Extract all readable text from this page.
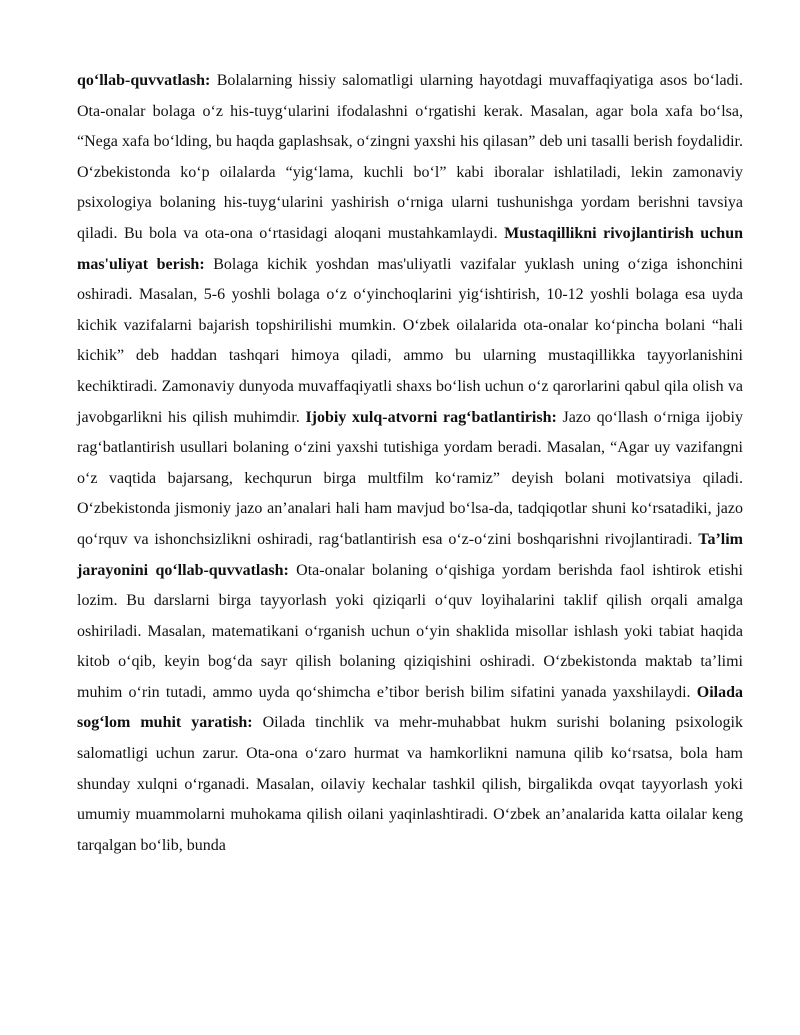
qo‘llab-quvvatlash: Bolalarning hissiy salomatligi ularning hayotdagi muvaffaqiyatiga asos bo‘ladi. Ota-onalar bolaga o‘z his-tuyg‘ularini ifodalashni o‘rgatishi kerak. Masalan, agar bola xafa bo‘lsa, “Nega xafa bo‘lding, bu haqda gaplashsak, o‘zingni yaxshi his qilasan” deb uni tasalli berish foydalidir. O‘zbekistonda ko‘p oilalarda “yig‘lama, kuchli bo‘l” kabi iboralar ishlatiladi, lekin zamonaviy psixologiya bolaning his-tuyg‘ularini yashirish o‘rniga ularni tushunishga yordam berishni tavsiya qiladi. Bu bola va ota-ona o‘rtasidagi aloqani mustahkamlaydi. Mustaqillikni rivojlantirish uchun mas'uliyat berish: Bolaga kichik yoshdan mas'uliyatli vazifalar yuklash uning o‘ziga ishonchini oshiradi. Masalan, 5-6 yoshli bolaga o‘z o‘yinchoqlarini yig‘ishtirish, 10-12 yoshli bolaga esa uyda kichik vazifalarni bajarish topshirilishi mumkin. O‘zbek oilalarida ota-onalar ko‘pincha bolani “hali kichik” deb haddan tashqari himoya qiladi, ammo bu ularning mustaqillikka tayyorlanishini kechiktiradi. Zamonaviy dunyoda muvaffaqiyatli shaxs bo‘lish uchun o‘z qarorlarini qabul qila olish va javobgarlikni his qilish muhimdir. Ijobiy xulq-atvorni rag‘batlantirish: Jazo qo‘llash o‘rniga ijobiy rag‘batlantirish usullari bolaning o‘zini yaxshi tutishiga yordam beradi. Masalan, “Agar uy vazifangni o‘z vaqtida bajarsang, kechqurun birga multfilm ko‘ramiz” deyish bolani motivatsiya qiladi. O‘zbekistonda jismoniy jazo an’analari hali ham mavjud bo‘lsa-da, tadqiqotlar shuni ko‘rsatadiki, jazo qo‘rquv va ishonchsizlikni oshiradi, rag‘batlantirish esa o‘z-o‘zini boshqarishni rivojlantiradi. Ta’lim jarayonini qo‘llab-quvvatlash: Ota-onalar bolaning o‘qishiga yordam berishda faol ishtirok etishi lozim. Bu darslarni birga tayyorlash yoki qiziqarli o‘quv loyihalarini taklif qilish orqali amalga oshiriladi. Masalan, matematikani o‘rganish uchun o‘yin shaklida misollar ishlash yoki tabiat haqida kitob o‘qib, keyin bog‘da sayr qilish bolaning qiziqishini oshiradi. O‘zbekistonda maktab ta’limi muhim o‘rin tutadi, ammo uyda qo‘shimcha e’tibor berish bilim sifatini yanada yaxshilaydi. Oilada sog‘lom muhit yaratish: Oilada tinchlik va mehr-muhabbat hukm surishi bolaning psixologik salomatligi uchun zarur. Ota-ona o‘zaro hurmat va hamkorlikni namuna qilib ko‘rsatsa, bola ham shunday xulqni o‘rganadi. Masalan, oilaviy kechalar tashkil qilish, birgalikda ovqat tayyorlash yoki umumiy muammolarni muhokama qilish oilani yaqinlashtiradi. O‘zbek an’analarida katta oilalar keng tarqalgan bo‘lib, bunda
